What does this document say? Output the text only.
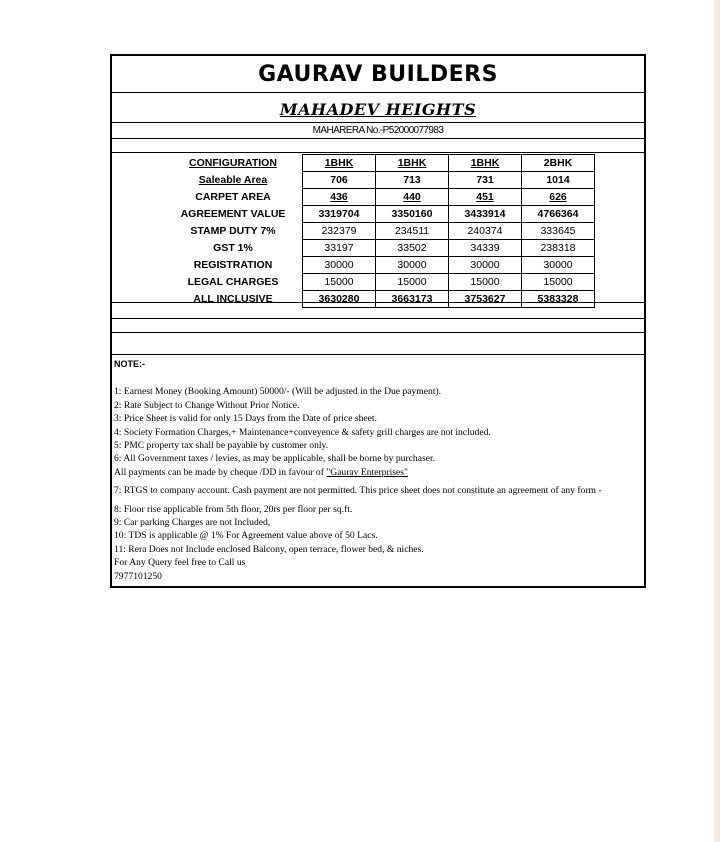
GAURAV BUILDERS
MAHADEV HEIGHTS
MAHARERA No.-P52000077983
CONFIGURATION	1BHK	1BHK	1BHK	2BHK	
Saleable Area	706	713	731	1014	
CARPET AREA	436	440	451	626	
AGREEMENT VALUE	3319704	3350160	3433914	4766364	
STAMP DUTY 7%	232379	234511	240374	333645	
GST 1%	33197	33502	34339	238318	
REGISTRATION	30000	30000	30000	30000	
LEGAL CHARGES	15000	15000	15000	15000	
ALL INCLUSIVE	3630280	3663173	3753627	5383328	
NOTE:-
1: Earnest Money (Booking Amount) 50000/- (Will be adjusted in the Due payment).
2: Rate Subject to Change Without Prior Notice.
3: Price Sheet is valid for only 15 Days from the Date of price sheet.
4: Society Formation Charges,+ Maintenance+conveyence & safety grill charges are not included.
5: PMC property tax shall be payable by customer only.
6: All Government taxes / levies, as may be applicable, shall be borne by purchaser.
All payments can be made by cheque /DD in favour of "Gaurav Enterprises"
7: RTGS to company account. Cash payment are not permitted. This price sheet does not constitute an agreement of any form -
8: Floor rise applicable from 5th floor, 20rs per floor per sq.ft.
9: Car parking Charges are not Included,
10: TDS is applicable @ 1% For Agreement value above of 50 Lacs.
11: Rera Does not Include enclosed Balcony, open terrace, flower bed, & niches.
For Any Query feel free to Call us
7977101250
